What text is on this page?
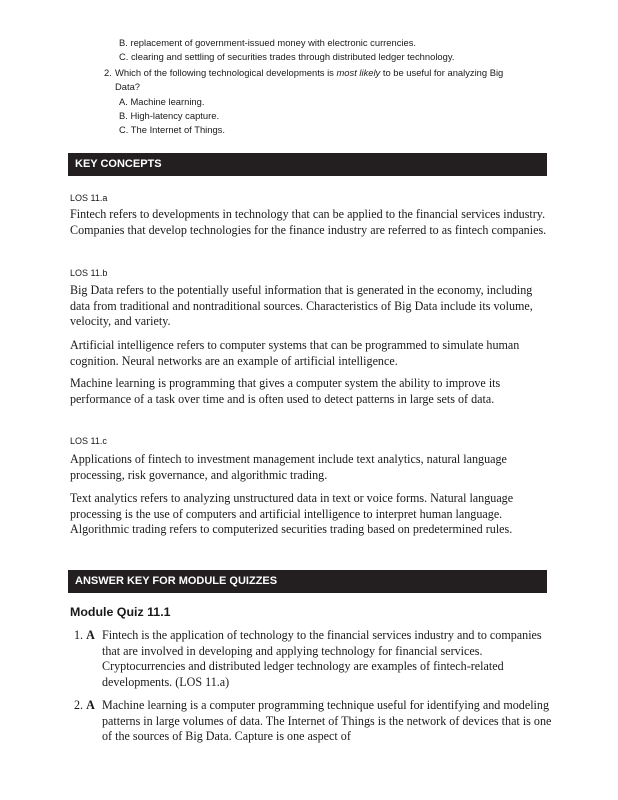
B. replacement of government-issued money with electronic currencies.
C. clearing and settling of securities trades through distributed ledger technology.
2. Which of the following technological developments is most likely to be useful for analyzing Big
Data?
A. Machine learning.
B. High-latency capture.
C. The Internet of Things.
KEY CONCEPTS
LOS 11.a
Fintech refers to developments in technology that can be applied to the financial services industry. Companies that develop technologies for the finance industry are referred to as fintech companies.
LOS 11.b
Big Data refers to the potentially useful information that is generated in the economy, including data from traditional and nontraditional sources. Characteristics of Big Data include its volume, velocity, and variety.
Artificial intelligence refers to computer systems that can be programmed to simulate human cognition. Neural networks are an example of artificial intelligence.
Machine learning is programming that gives a computer system the ability to improve its performance of a task over time and is often used to detect patterns in large sets of data.
LOS 11.c
Applications of fintech to investment management include text analytics, natural language processing, risk governance, and algorithmic trading.
Text analytics refers to analyzing unstructured data in text or voice forms. Natural language processing is the use of computers and artificial intelligence to interpret human language. Algorithmic trading refers to computerized securities trading based on predetermined rules.
ANSWER KEY FOR MODULE QUIZZES
Module Quiz 11.1
1. A Fintech is the application of technology to the financial services industry and to companies that are involved in developing and applying technology for financial services. Cryptocurrencies and distributed ledger technology are examples of fintech-related developments. (LOS 11.a)
2. A Machine learning is a computer programming technique useful for identifying and modeling patterns in large volumes of data. The Internet of Things is the network of devices that is one of the sources of Big Data. Capture is one aspect of
